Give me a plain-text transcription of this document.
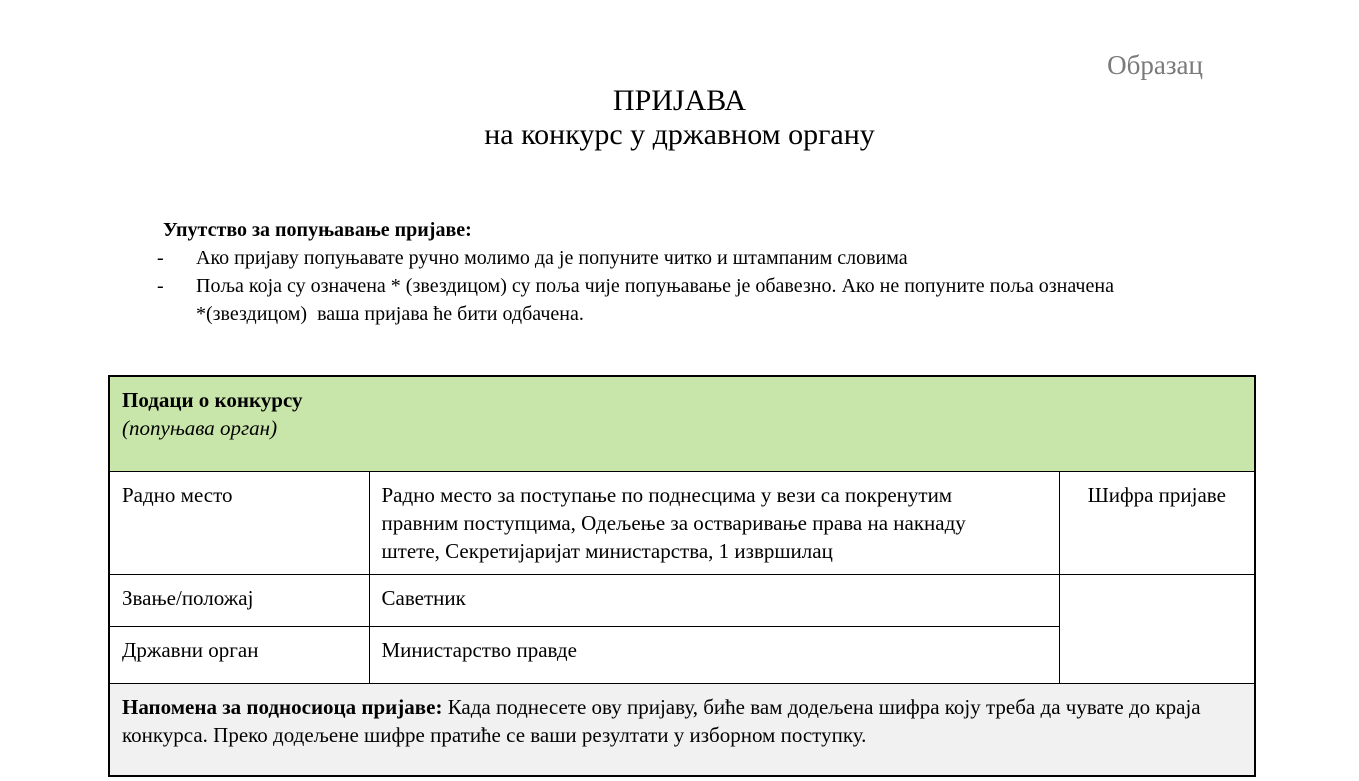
Образац
ПРИЈАВА
на конкурс у државном органу
Упутство за попуњавање пријаве:
-	Ако пријаву попуњавате ручно молимо да је попуните читко и штампаним словима
-	Поља која су означена * (звездицом) су поља чије попуњавање је обавезно. Ако не попуните поља означена
*(звездицом)  ваша пријава ће бити одбачена.
Подаци о конкурсу
(попуњава орган)		

Радно место	Радно место за поступање по поднесцима у вези са покренутим
правним поступцима, Одељење за остваривање права на накнаду
штете, Секретијаријат министарства, 1 извршилац	Шифра пријаве
Звање/положај	Саветник	

Државни орган	Министарство правде	

Напомена за подносиоца пријаве: Када поднесете ову пријаву, биће вам додељена шифра коју треба да чувате до краја
конкурса. Преко додељене шифре пратиће се ваши резултати у изборном поступку.		
